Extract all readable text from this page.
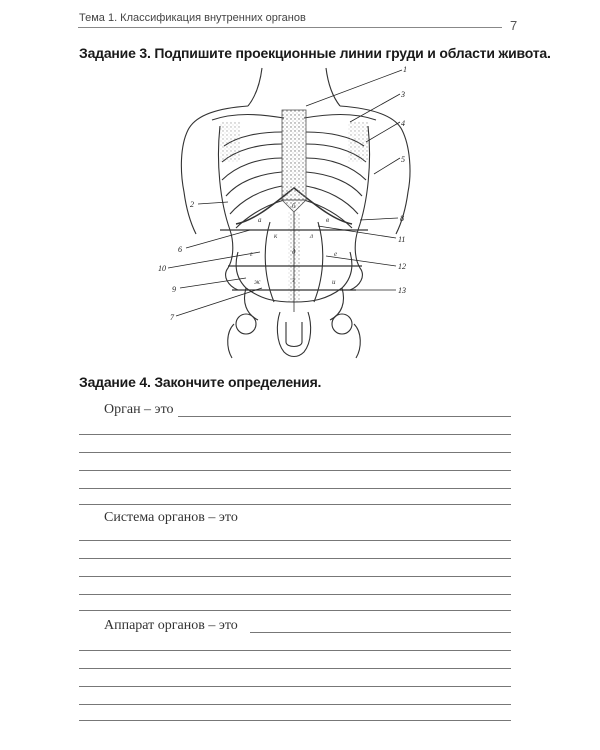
Тема 1. Классификация внутренних органов	7
Задание 3. Подпишите проекционные линии груди и области живота.
1
2
3
4
5
6
7
8
9
10
11
12
13
а
б
в
г	д	е
ж	з	и
к	л
Задание 4. Закончите определения.
Орган – это
Система органов – это
Аппарат органов – это
